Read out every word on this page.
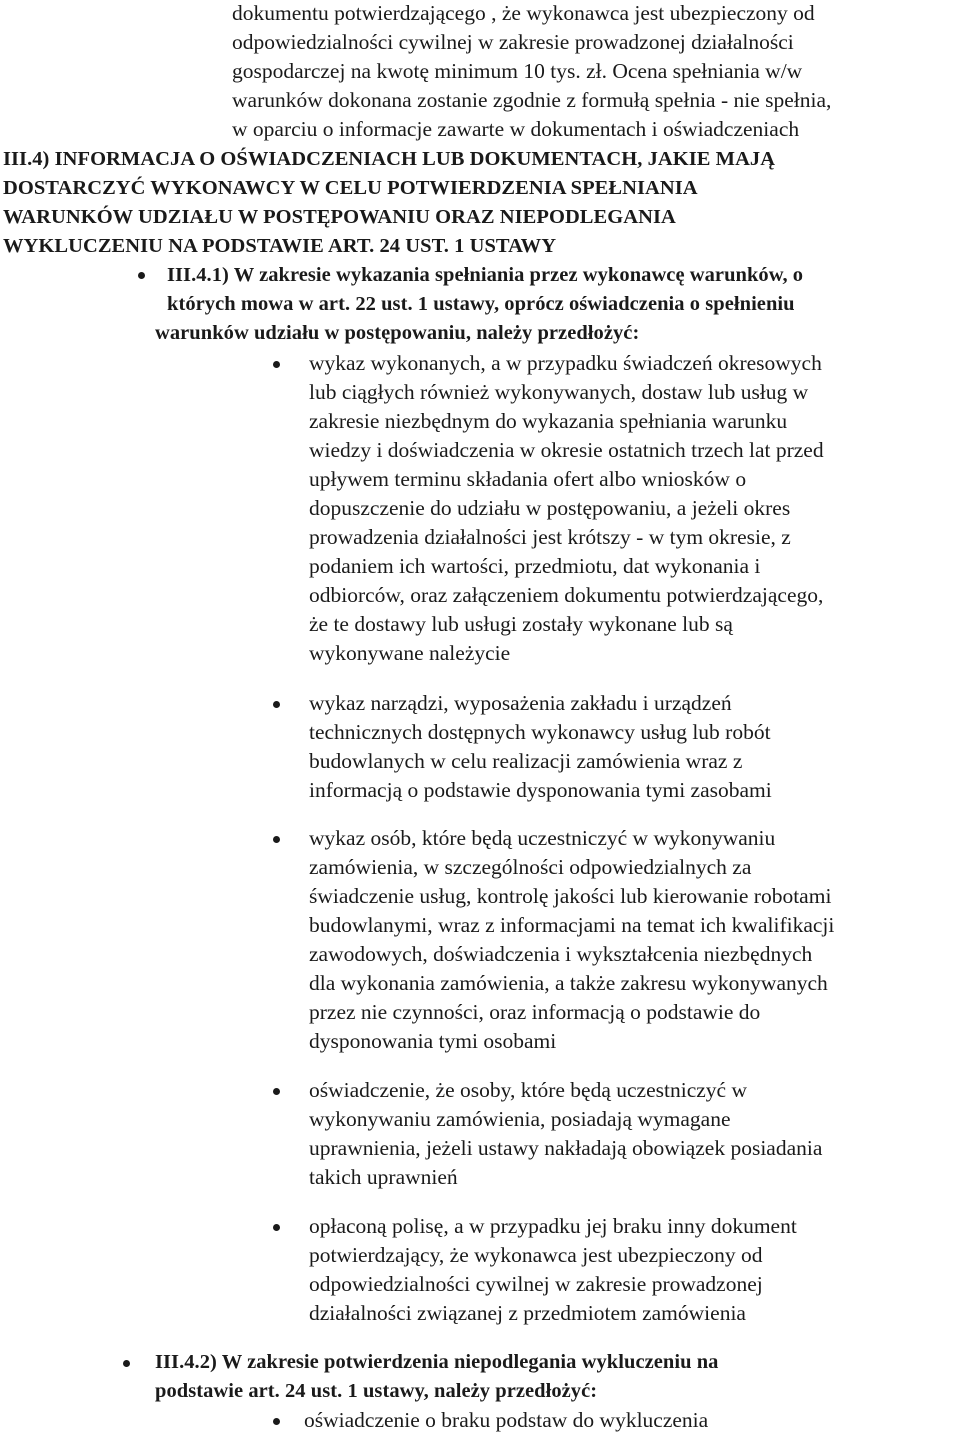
dokumentu potwierdzającego , że wykonawca jest ubezpieczony od
odpowiedzialności cywilnej w zakresie prowadzonej działalności
gospodarczej na kwotę minimum 10 tys. zł. Ocena spełniania w/w
warunków dokonana zostanie zgodnie z formułą spełnia - nie spełnia,
w oparciu o informacje zawarte w dokumentach i oświadczeniach
III.4) INFORMACJA O OŚWIADCZENIACH LUB DOKUMENTACH, JAKIE MAJĄ
DOSTARCZYĆ WYKONAWCY W CELU POTWIERDZENIA SPEŁNIANIA
WARUNKÓW UDZIAŁU W POSTĘPOWANIU ORAZ NIEPODLEGANIA
WYKLUCZENIU NA PODSTAWIE ART. 24 UST. 1 USTAWY
III.4.1) W zakresie wykazania spełniania przez wykonawcę warunków, o
których mowa w art. 22 ust. 1 ustawy, oprócz oświadczenia o spełnieniu
warunków udziału w postępowaniu, należy przedłożyć:
wykaz wykonanych, a w przypadku świadczeń okresowych
lub ciągłych również wykonywanych, dostaw lub usług w
zakresie niezbędnym do wykazania spełniania warunku
wiedzy i doświadczenia w okresie ostatnich trzech lat przed
upływem terminu składania ofert albo wniosków o
dopuszczenie do udziału w postępowaniu, a jeżeli okres
prowadzenia działalności jest krótszy - w tym okresie, z
podaniem ich wartości, przedmiotu, dat wykonania i
odbiorców, oraz załączeniem dokumentu potwierdzającego,
że te dostawy lub usługi zostały wykonane lub są
wykonywane należycie
wykaz narządzi, wyposażenia zakładu i urządzeń
technicznych dostępnych wykonawcy usług lub robót
budowlanych w celu realizacji zamówienia wraz z
informacją o podstawie dysponowania tymi zasobami
wykaz osób, które będą uczestniczyć w wykonywaniu
zamówienia, w szczególności odpowiedzialnych za
świadczenie usług, kontrolę jakości lub kierowanie robotami
budowlanymi, wraz z informacjami na temat ich kwalifikacji
zawodowych, doświadczenia i wykształcenia niezbędnych
dla wykonania zamówienia, a także zakresu wykonywanych
przez nie czynności, oraz informacją o podstawie do
dysponowania tymi osobami
oświadczenie, że osoby, które będą uczestniczyć w
wykonywaniu zamówienia, posiadają wymagane
uprawnienia, jeżeli ustawy nakładają obowiązek posiadania
takich uprawnień
opłaconą polisę, a w przypadku jej braku inny dokument
potwierdzający, że wykonawca jest ubezpieczony od
odpowiedzialności cywilnej w zakresie prowadzonej
działalności związanej z przedmiotem zamówienia
III.4.2) W zakresie potwierdzenia niepodlegania wykluczeniu na
podstawie art. 24 ust. 1 ustawy, należy przedłożyć:
oświadczenie o braku podstaw do wykluczenia
